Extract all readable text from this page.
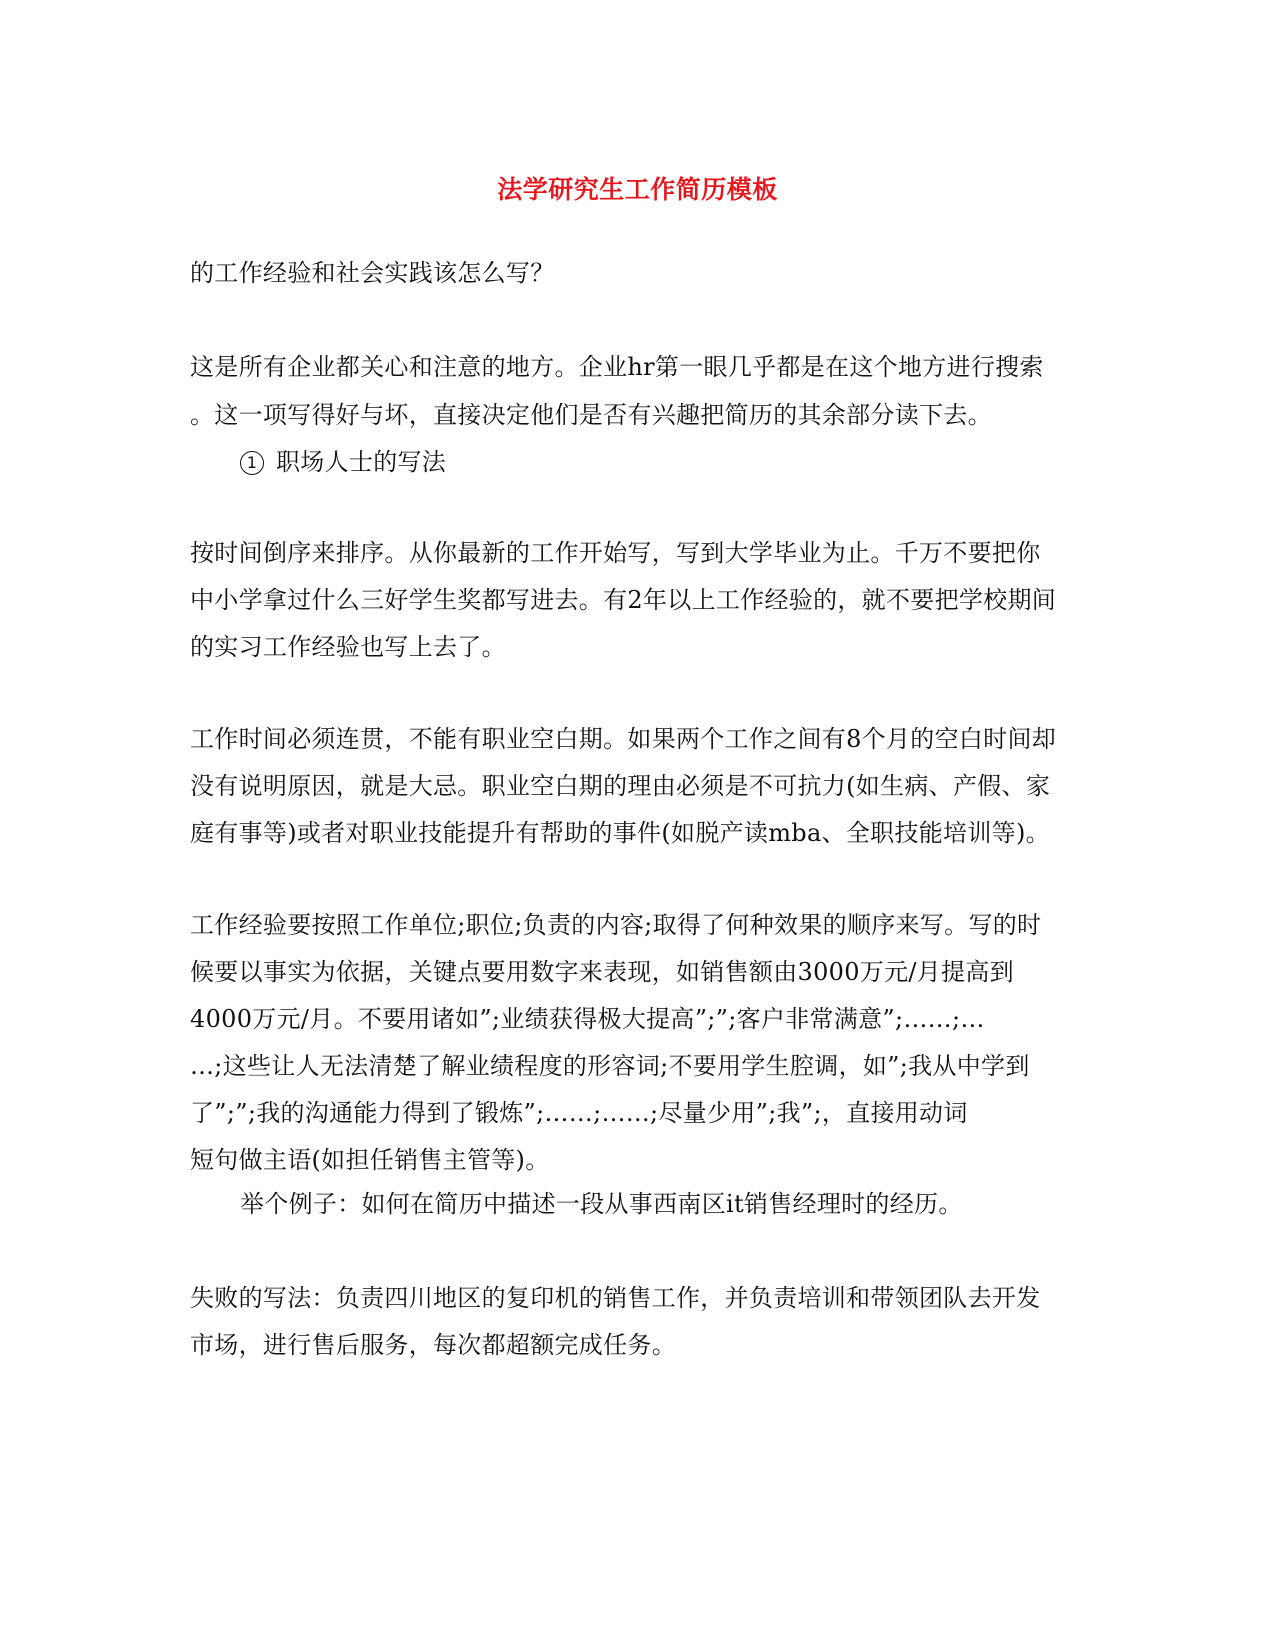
法学研究生工作简历模板
的工作经验和社会实践该怎么写？
这是所有企业都关心和注意的地方。企业hr第一眼几乎都是在这个地方进行搜索
。这一项写得好与坏，直接决定他们是否有兴趣把简历的其余部分读下去。
1 职场人士的写法
按时间倒序来排序。从你最新的工作开始写，写到大学毕业为止。千万不要把你
中小学拿过什么三好学生奖都写进去。有2年以上工作经验的，就不要把学校期间
的实习工作经验也写上去了。
工作时间必须连贯，不能有职业空白期。如果两个工作之间有8个月的空白时间却
没有说明原因，就是大忌。职业空白期的理由必须是不可抗力(如生病、产假、家
庭有事等)或者对职业技能提升有帮助的事件(如脱产读mba、全职技能培训等)。
工作经验要按照工作单位;职位;负责的内容;取得了何种效果的顺序来写。写的时
候要以事实为依据，关键点要用数字来表现，如销售额由3000万元/月提高到
4000万元/月。不要用诸如”;业绩获得极大提高”;”;客户非常满意”;……;…
…;这些让人无法清楚了解业绩程度的形容词;不要用学生腔调，如”;我从中学到
了”;”;我的沟通能力得到了锻炼”;……;……;尽量少用”;我”;，直接用动词
短句做主语(如担任销售主管等)。
举个例子：如何在简历中描述一段从事西南区it销售经理时的经历。
失败的写法：负责四川地区的复印机的销售工作，并负责培训和带领团队去开发
市场，进行售后服务，每次都超额完成任务。
